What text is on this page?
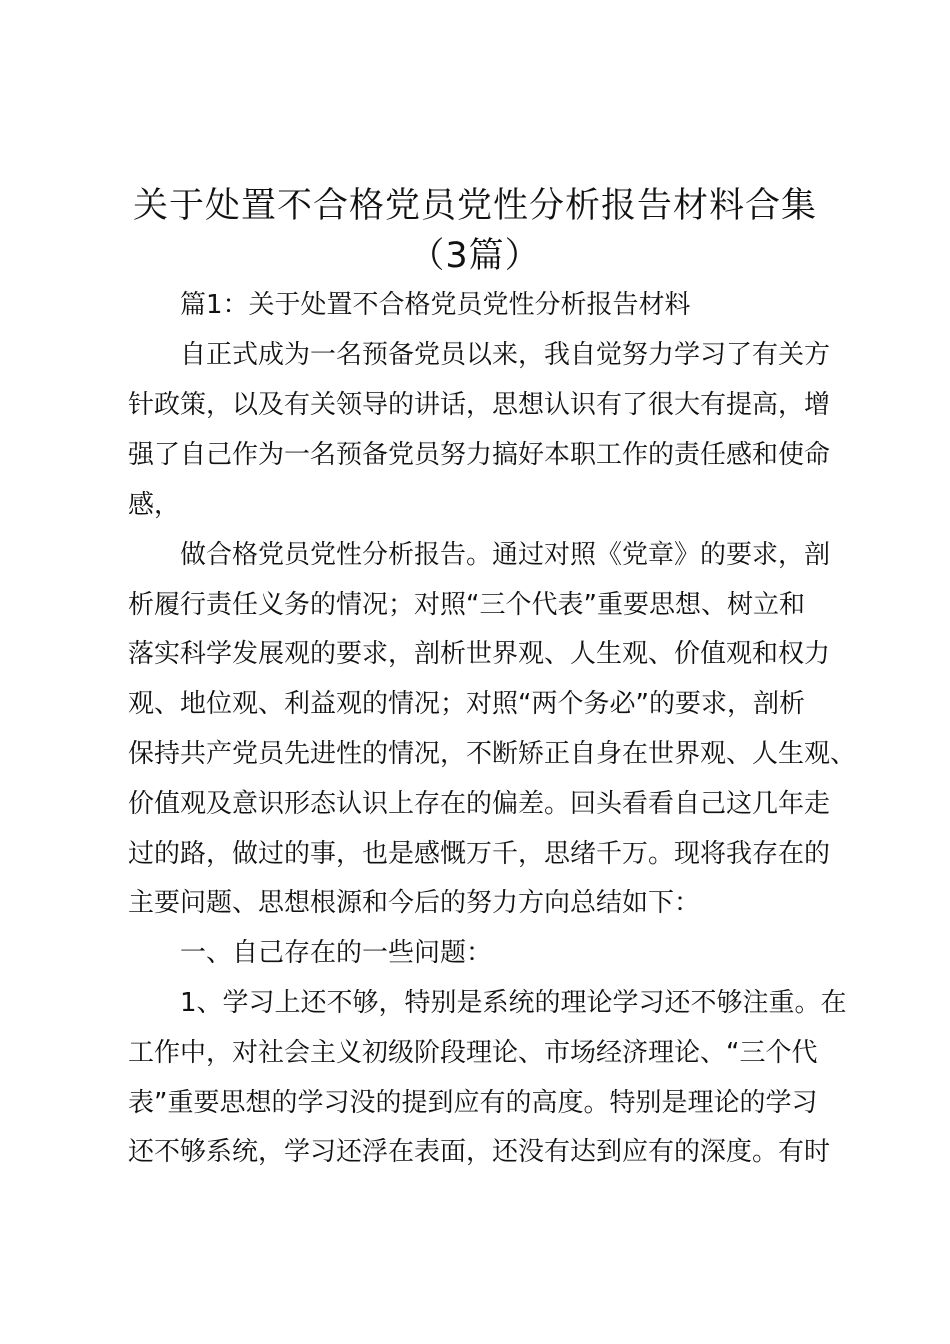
关于处置不合格党员党性分析报告材料合集
（3篇）
篇1：关于处置不合格党员党性分析报告材料
自正式成为一名预备党员以来，我自觉努力学习了有关方
针政策，以及有关领导的讲话，思想认识有了很大有提高，增
强了自己作为一名预备党员努力搞好本职工作的责任感和使命
感，
做合格党员党性分析报告。通过对照《党章》的要求，剖
析履行责任义务的情况；对照“三个代表”重要思想、树立和
落实科学发展观的要求，剖析世界观、人生观、价值观和权力
观、地位观、利益观的情况；对照“两个务必”的要求，剖析
保持共产党员先进性的情况，不断矫正自身在世界观、人生观、
价值观及意识形态认识上存在的偏差。回头看看自己这几年走
过的路，做过的事，也是感慨万千，思绪千万。现将我存在的
主要问题、思想根源和今后的努力方向总结如下：
一、自己存在的一些问题：
1、学习上还不够，特别是系统的理论学习还不够注重。在
工作中，对社会主义初级阶段理论、市场经济理论、“三个代
表”重要思想的学习没的提到应有的高度。特别是理论的学习
还不够系统，学习还浮在表面，还没有达到应有的深度。有时
